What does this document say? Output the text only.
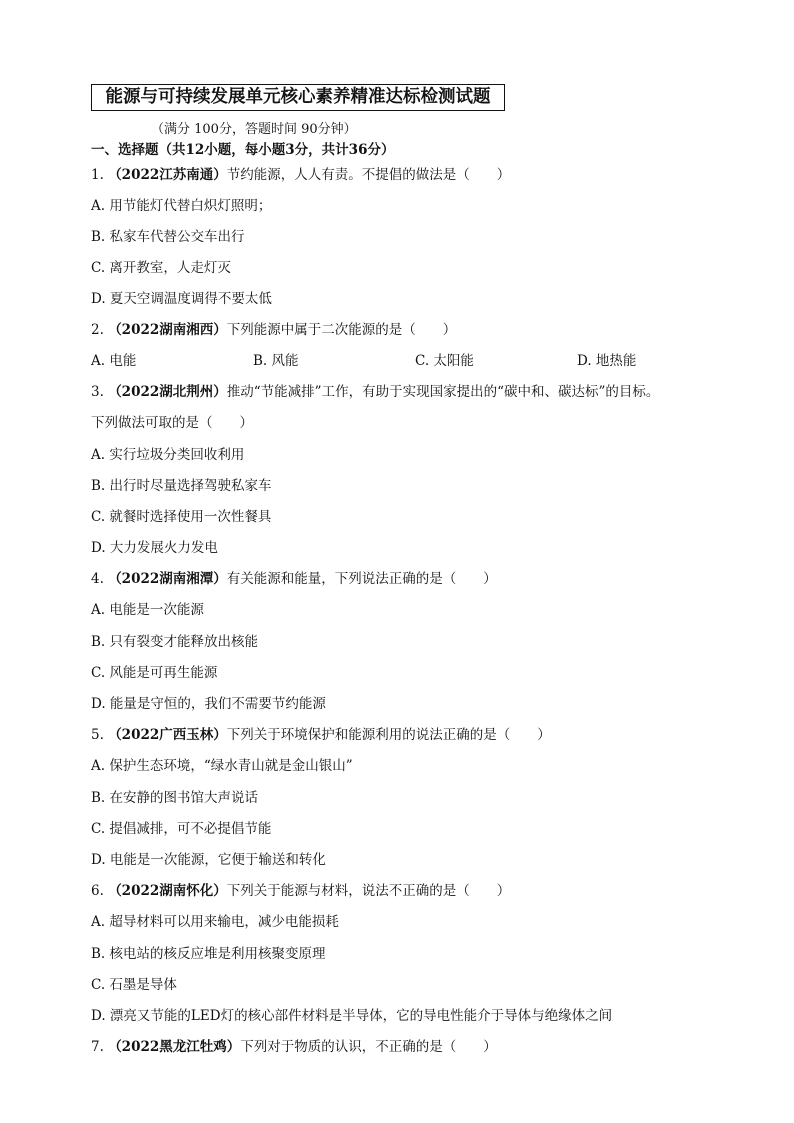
能源与可持续发展单元核心素养精准达标检测试题
（满分 100分，答题时间 90分钟）
一、选择题（共12小题，每小题3分，共计36分）
1. （2022江苏南通）节约能源，人人有责。不提倡的做法是（　　）
A. 用节能灯代替白炽灯照明；
B. 私家车代替公交车出行
C. 离开教室，人走灯灭
D. 夏天空调温度调得不要太低
2. （2022湖南湘西）下列能源中属于二次能源的是（　　）
A. 电能	B. 风能	C. 太阳能	D. 地热能
3. （2022湖北荆州）推动“节能减排”工作，有助于实现国家提出的“碳中和、碳达标”的目标。
下列做法可取的是（　　）
A. 实行垃圾分类回收利用
B. 出行时尽量选择驾驶私家车
C. 就餐时选择使用一次性餐具
D. 大力发展火力发电
4. （2022湖南湘潭）有关能源和能量，下列说法正确的是（　　）
A. 电能是一次能源
B. 只有裂变才能释放出核能
C. 风能是可再生能源
D. 能量是守恒的，我们不需要节约能源
5. （2022广西玉林）下列关于环境保护和能源利用的说法正确的是（　　）
A. 保护生态环境，“绿水青山就是金山银山”
B. 在安静的图书馆大声说话
C. 提倡减排，可不必提倡节能
D. 电能是一次能源，它便于输送和转化
6. （2022湖南怀化）下列关于能源与材料，说法不正确的是（　　）
A. 超导材料可以用来输电，减少电能损耗
B. 核电站的核反应堆是利用核聚变原理
C. 石墨是导体
D. 漂亮又节能的LED灯的核心部件材料是半导体，它的导电性能介于导体与绝缘体之间
7. （2022黑龙江牡鸡）下列对于物质的认识，不正确的是（　　）
